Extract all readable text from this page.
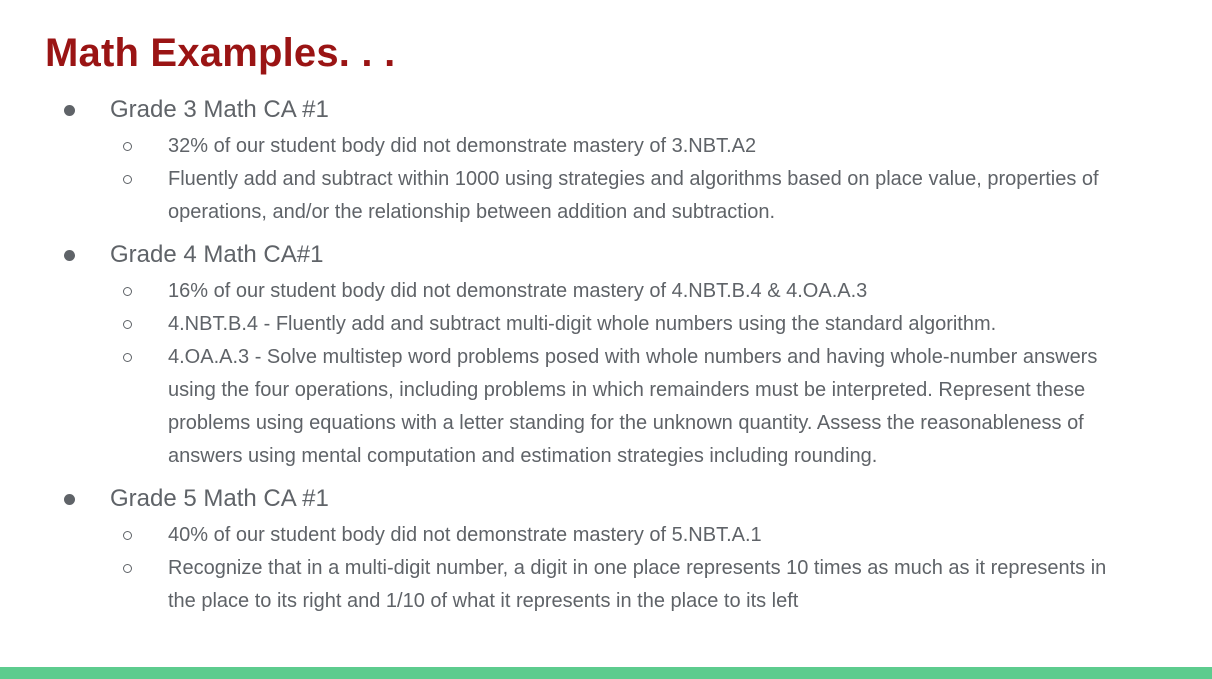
Math Examples. . .
Grade 3 Math CA #1
32% of our student body did not demonstrate mastery of 3.NBT.A2
Fluently add and subtract within 1000 using strategies and algorithms based on place value, properties of operations, and/or the relationship between addition and subtraction.
Grade 4 Math CA#1
16% of our student body did not demonstrate mastery of 4.NBT.B.4 & 4.OA.A.3
4.NBT.B.4 ‑ Fluently add and subtract multi‑digit whole numbers using the standard algorithm.
4.OA.A.3 ‑ Solve multistep word problems posed with whole numbers and having whole‑number answers using the four operations, including problems in which remainders must be interpreted. Represent these problems using equations with a letter standing for the unknown quantity. Assess the reasonableness of answers using mental computation and estimation strategies including rounding.
Grade 5 Math CA #1
40% of our student body did not demonstrate mastery of 5.NBT.A.1
Recognize that in a multi‑digit number, a digit in one place represents 10 times as much as it represents in the place to its right and 1/10 of what it represents in the place to its left
